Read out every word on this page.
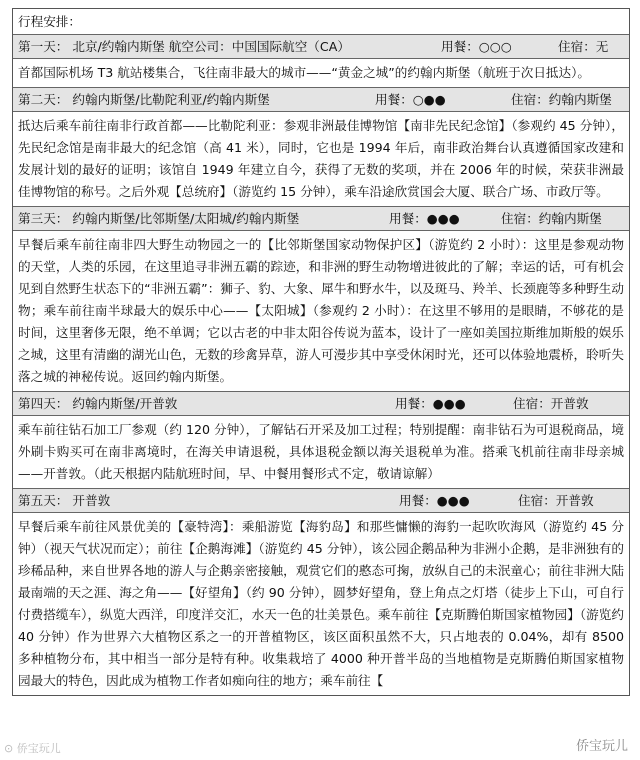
行程安排：
第一天： 北京/约翰内斯堡 航空公司：中国国际航空（CA）	用餐：○○○	住宿：无
首都国际机场 T3 航站楼集合，飞往南非最大的城市——“黄金之城”的约翰内斯堡（航班于次日抵达）。
第二天： 约翰内斯堡/比勒陀利亚/约翰内斯堡	用餐：○●●	住宿：约翰内斯堡
抵达后乘车前往南非行政首都——比勒陀利亚：参观非洲最佳博物馆【南非先民纪念馆】（参观约 45 分钟），先民纪念馆是南非最大的纪念馆（高 41 米），同时，它也是 1994 年后，南非政治舞台认真遵循国家改建和发展计划的最好的证明；该馆自 1949 年建立自今，获得了无数的奖项，并在 2006 年的时候，荣获非洲最佳博物馆的称号。之后外观【总统府】（游览约 15 分钟），乘车沿途欣赏国会大厦、联合广场、市政厅等。
第三天： 约翰内斯堡/比邻斯堡/太阳城/约翰内斯堡	用餐：●●●	住宿：约翰内斯堡
早餐后乘车前往南非四大野生动物园之一的【比邻斯堡国家动物保护区】（游览约 2 小时）：这里是参观动物的天堂，人类的乐园，在这里追寻非洲五霸的踪迹，和非洲的野生动物增进彼此的了解；幸运的话，可有机会见到自然野生状态下的“非洲五霸”：狮子、豹、大象、犀牛和野水牛，以及斑马、羚羊、长颈鹿等多种野生动物；乘车前往南半球最大的娱乐中心——【太阳城】（参观约 2 小时）：在这里不够用的是眼睛，不够花的是时间，这里奢侈无限，绝不单调；它以古老的中非太阳谷传说为蓝本，设计了一座如美国拉斯维加斯般的娱乐之城，这里有清幽的湖光山色，无数的珍禽异草，游人可漫步其中享受休闲时光，还可以体验地震桥，聆听失落之城的神秘传说。返回约翰内斯堡。
第四天： 约翰内斯堡/开普敦	用餐：●●●	住宿：开普敦
乘车前往钻石加工厂参观（约 120 分钟），了解钻石开采及加工过程；特别提醒：南非钻石为可退税商品，境外刷卡购买可在南非离境时，在海关申请退税，具体退税金额以海关退税单为准。搭乘飞机前往南非母亲城——开普敦。（此天根据内陆航班时间，早、中餐用餐形式不定，敬请谅解）
第五天： 开普敦	用餐：●●●	住宿：开普敦
早餐后乘车前往风景优美的【豪特湾】：乘船游览【海豹岛】和那些慵懒的海豹一起吹吹海风（游览约 45 分钟）（视天气状况而定）；前往【企鹅海滩】（游览约 45 分钟），该公园企鹅品种为非洲小企鹅，是非洲独有的珍稀品种，来自世界各地的游人与企鹅亲密接触，观赏它们的憨态可掬，放纵自己的未泯童心；前往非洲大陆最南端的天之涯、海之角——【好望角】（约 90 分钟），圆梦好望角，登上角点之灯塔（徒步上下山，可自行付费搭缆车），纵览大西洋，印度洋交汇，水天一色的壮美景色。乘车前往【克斯腾伯斯国家植物园】（游览约 40 分钟）作为世界六大植物区系之一的开普植物区，该区面积虽然不大，只占地表的 0.04%，却有 8500 多种植物分布，其中相当一部分是特有种。收集栽培了 4000 种开普半岛的当地植物是克斯腾伯斯国家植物园最大的特色，因此成为植物工作者如痴向往的地方；乘车前往【
侨宝玩儿
⊙ 侨宝玩儿
